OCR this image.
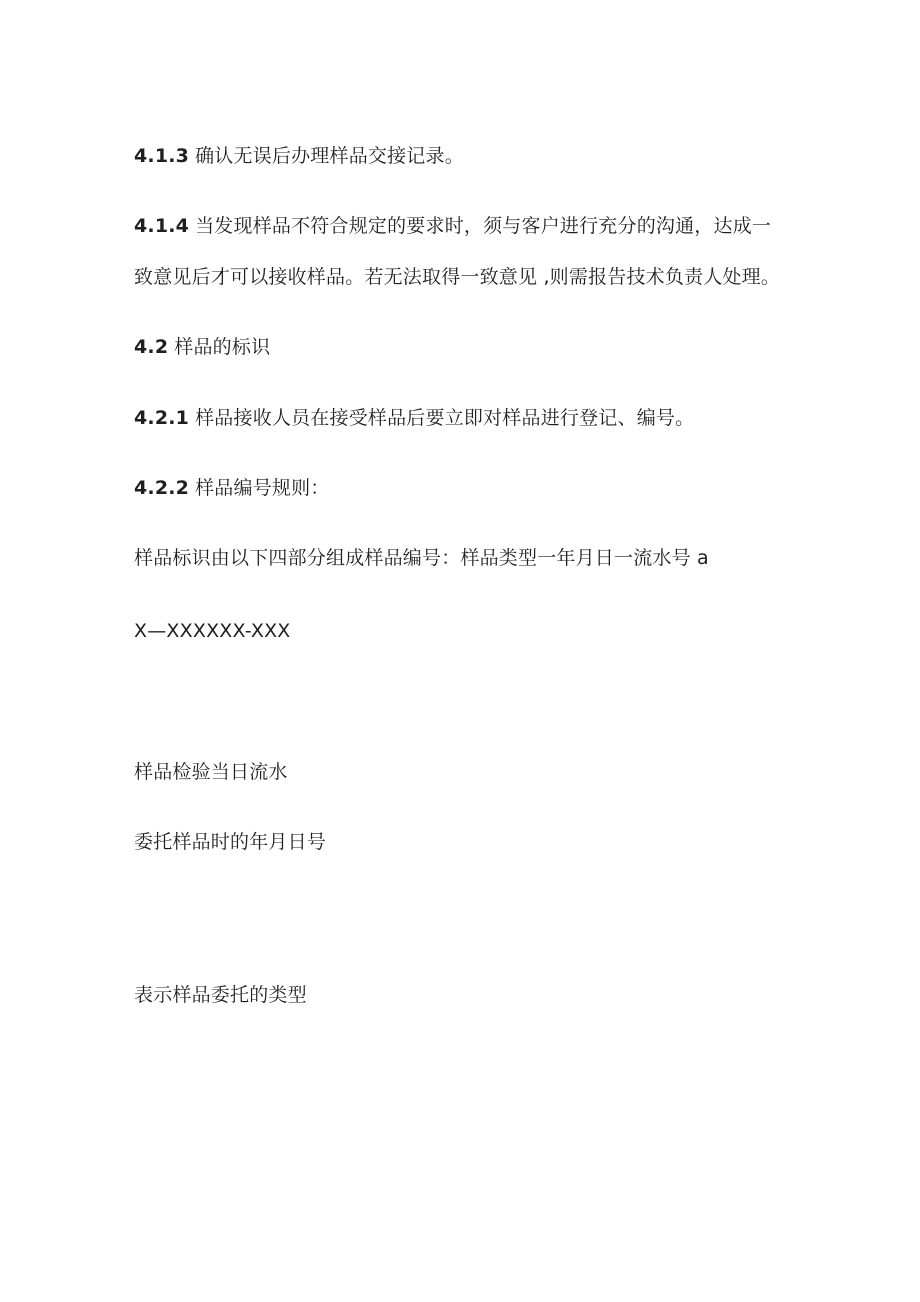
4.1.3 确认无误后办理样品交接记录。
4.1.4 当发现样品不符合规定的要求时，须与客户进行充分的沟通，达成一
致意见后才可以接收样品。若无法取得一致意见 ,则需报告技术负责人处理。
4.2 样品的标识
4.2.1 样品接收人员在接受样品后要立即对样品进行登记、编号。
4.2.2 样品编号规则：
样品标识由以下四部分组成样品编号：样品类型一年月日一流水号 a
X—XXXXXX-XXX
样品检验当日流水
委托样品时的年月日号
表示样品委托的类型
